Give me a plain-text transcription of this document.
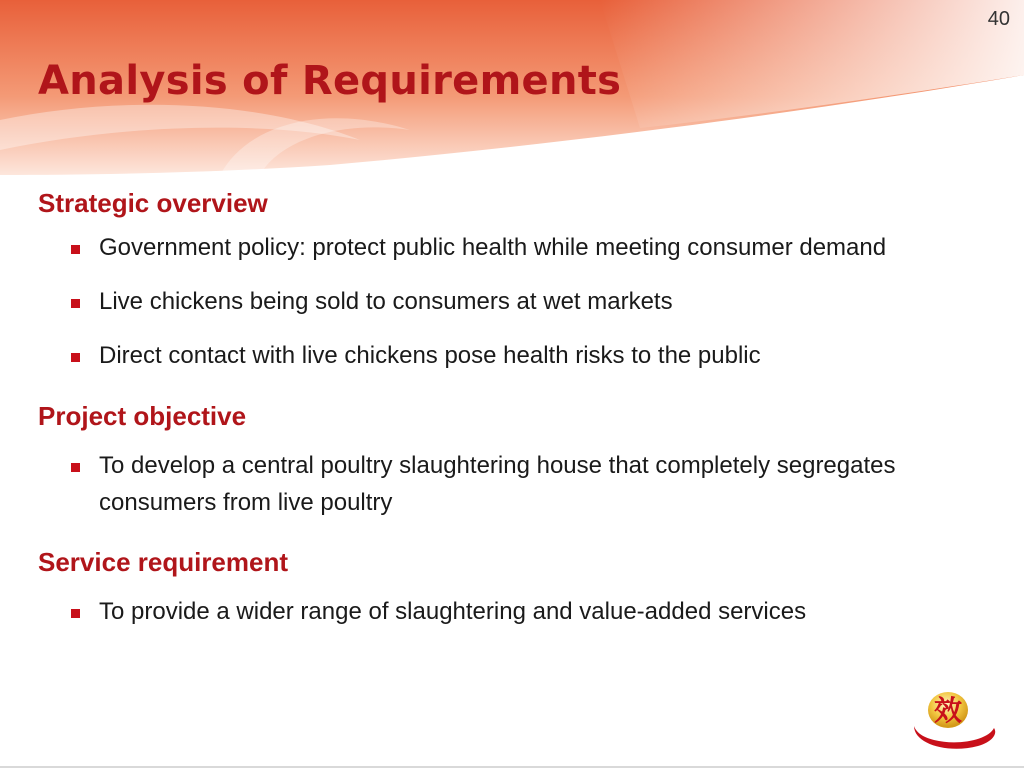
40
Analysis of Requirements
Strategic overview
Government policy: protect public health while meeting consumer demand
Live chickens being sold to consumers at wet markets
Direct contact with live chickens pose health risks to the public
Project objective
To develop a central poultry slaughtering house that completely segregates consumers from live poultry
Service requirement
To provide a wider range of slaughtering and value-added services
效
